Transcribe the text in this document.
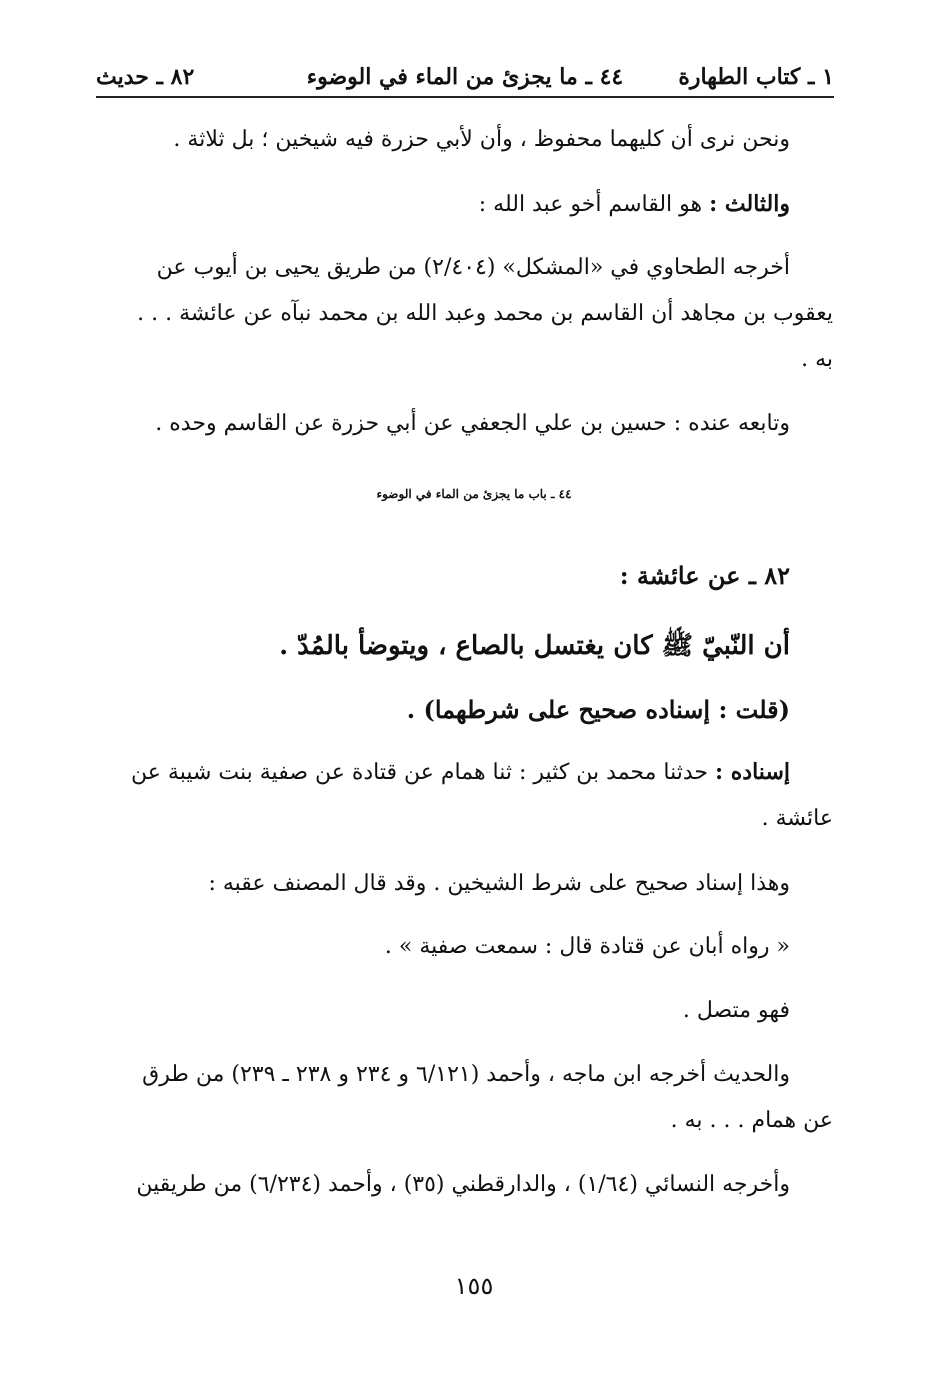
١ ـ كتاب الطهارة
٤٤ ـ ما يجزئ من الماء في الوضوء
٨٢ ـ حديث
ونحن نرى أن كليهما محفوظ ، وأن لأبي حزرة فيه شيخين ؛ بل ثلاثة .
والثالث : هو القاسم أخو عبد الله :
أخرجه الطحاوي في «المشكل» (٢/٤٠٤) من طريق يحيى بن أيوب عن
يعقوب بن مجاهد أن القاسم بن محمد وعبد الله بن محمد نبآه عن عائشة . . .
به .
وتابعه عنده : حسين بن علي الجعفي عن أبي حزرة عن القاسم وحده .
٤٤ ـ باب ما يجزئ من الماء في الوضوء
٨٢ ـ عن عائشة :
أن النّبيّ ﷺ كان يغتسل بالصاع ، ويتوضأ بالمُدّ .
(قلت : إسناده صحيح على شرطهما) .
إسناده : حدثنا محمد بن كثير : ثنا همام عن قتادة عن صفية بنت شيبة عن
عائشة .
وهذا إسناد صحيح على شرط الشيخين . وقد قال المصنف عقبه :
« رواه أبان عن قتادة قال : سمعت صفية » .
فهو متصل .
والحديث أخرجه ابن ماجه ، وأحمد (٦/١٢١ و ٢٣٤ و ٢٣٨ ـ ٢٣٩) من طرق
عن همام . . . به .
وأخرجه النسائي (١/٦٤) ، والدارقطني (٣٥) ، وأحمد (٦/٢٣٤) من طريقين
١٥٥
